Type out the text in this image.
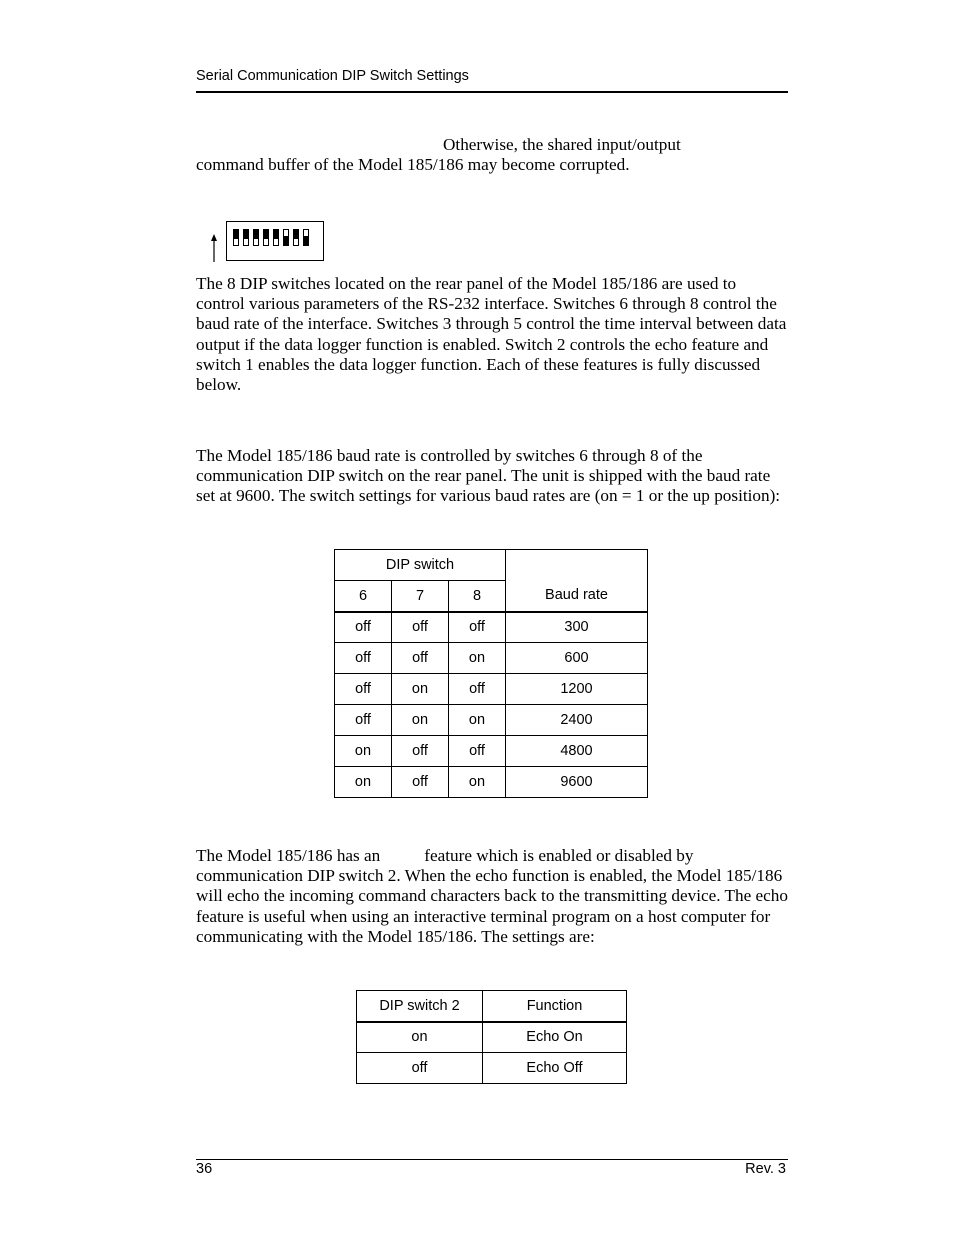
Serial Communication DIP Switch Settings
Otherwise, the shared input/output
command buffer of the Model 185/186 may become corrupted.
The 8 DIP switches located on the rear panel of the Model 185/186 are used to control various parameters of the RS-232 interface. Switches 6 through 8 control the baud rate of the interface. Switches 3 through 5 control the time interval between data output if the data logger function is enabled. Switch 2 controls the echo feature and switch 1 enables the data logger function. Each of these features is fully discussed below.
The Model 185/186 baud rate is controlled by switches 6 through 8 of the communication DIP switch on the rear panel. The unit is shipped with the baud rate set at 9600. The switch settings for various baud rates are (on = 1 or the up position):
DIP switch			Baud rate
6	7	8	
off	off	off	300
off	off	on	600
off	on	off	1200
off	on	on	2400
on	off	off	4800
on	off	on	9600
The Model 185/186 has an	feature which is enabled or disabled by communication DIP switch 2. When the echo function is enabled, the Model 185/186 will echo the incoming command characters back to the transmitting device. The echo feature is useful when using an interactive terminal program on a host computer for communicating with the Model 185/186. The settings are:
DIP switch 2	Function
on	Echo On
off	Echo Off
36	Rev. 3
